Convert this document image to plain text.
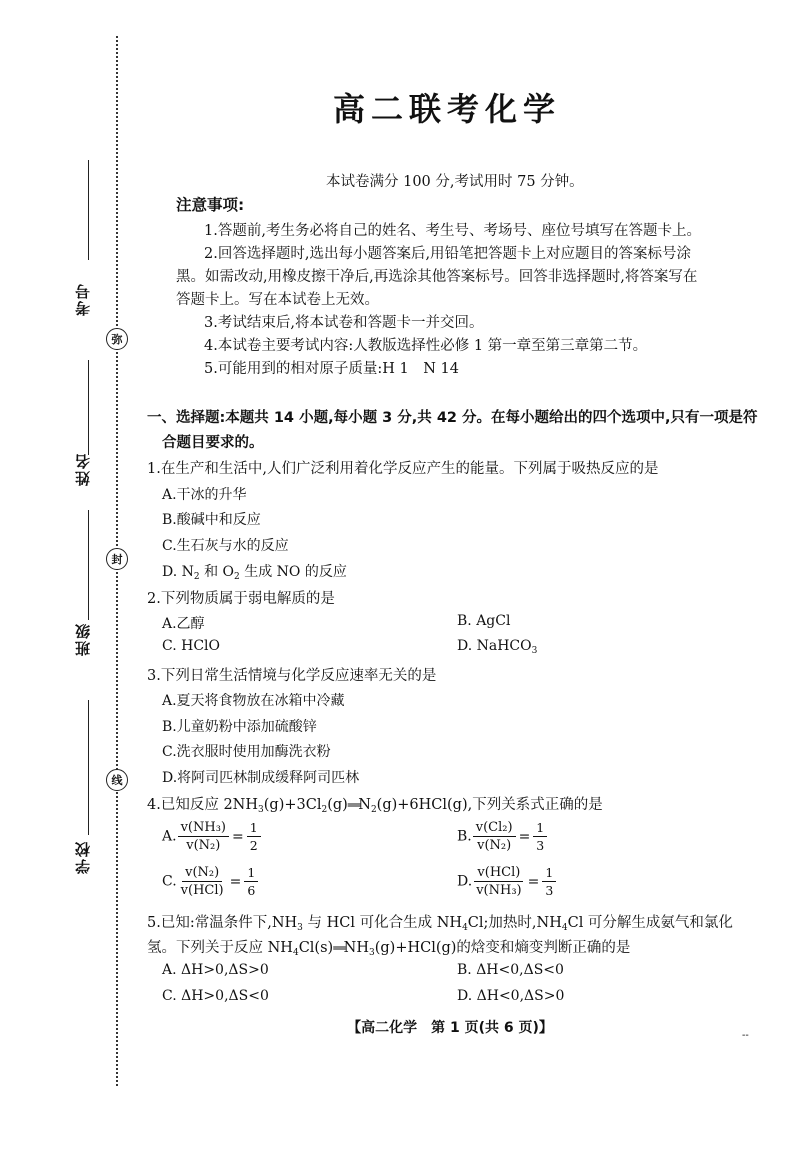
考号
姓名
班级
学校
弥
封
线
高二联考化学
本试卷满分 100 分,考试用时 75 分钟。
注意事项:
1.答题前,考生务必将自己的姓名、考生号、考场号、座位号填写在答题卡上。
2.回答选择题时,选出每小题答案后,用铅笔把答题卡上对应题目的答案标号涂
黑。如需改动,用橡皮擦干净后,再选涂其他答案标号。回答非选择题时,将答案写在
答题卡上。写在本试卷上无效。
3.考试结束后,将本试卷和答题卡一并交回。
4.本试卷主要考试内容:人教版选择性必修 1 第一章至第三章第二节。
5.可能用到的相对原子质量:H 1　N 14
一、选择题:本题共 14 小题,每小题 3 分,共 42 分。在每小题给出的四个选项中,只有一项是符
合题目要求的。
1.在生产和生活中,人们广泛利用着化学反应产生的能量。下列属于吸热反应的是
A.干冰的升华
B.酸碱中和反应
C.生石灰与水的反应
D. $N_2$ 和 $O_2$ 生成 NO 的反应
2.下列物质属于弱电解质的是
A.乙醇	B. AgCl
C. HClO	D. NaHCO$_3$
3.下列日常生活情境与化学反应速率无关的是
A.夏天将食物放在冰箱中冷藏
B.儿童奶粉中添加硫酸锌
C.洗衣服时使用加酶洗衣粉
D.将阿司匹林制成缓释阿司匹林
4.已知反应 $2NH_3(g)+3Cl_2(g)══N_2(g)+6HCl(g)$,下列关系式正确的是
A. $\frac{\text{v(NH₃)}}{\text{v(N₂)}} = \frac{1}{2}$	B. $\frac{\text{v(Cl₂)}}{\text{v(N₂)}} = \frac{1}{3}$
C. $\frac{\text{v(N₂)}}{\text{v(HCl)}} = \frac{1}{6}$	D. $\frac{\text{v(HCl)}}{\text{v(NH₃)}} = \frac{1}{3}$
5.已知:常温条件下$,NH_3$ 与 HCl 可化合生成 $NH_4Cl$;加热时$,NH_4Cl$ 可分解生成氨气和氯化
氢。下列关于反应 $NH_4Cl(s)══NH_3(g)+HCl(g)$的焓变和熵变判断正确的是
A. ΔH>0,ΔS>0	B. ΔH<0,ΔS<0
C. ΔH>0,ΔS<0	D. ΔH<0,ΔS>0
【高二化学　第 1 页(共 6 页)】	--
